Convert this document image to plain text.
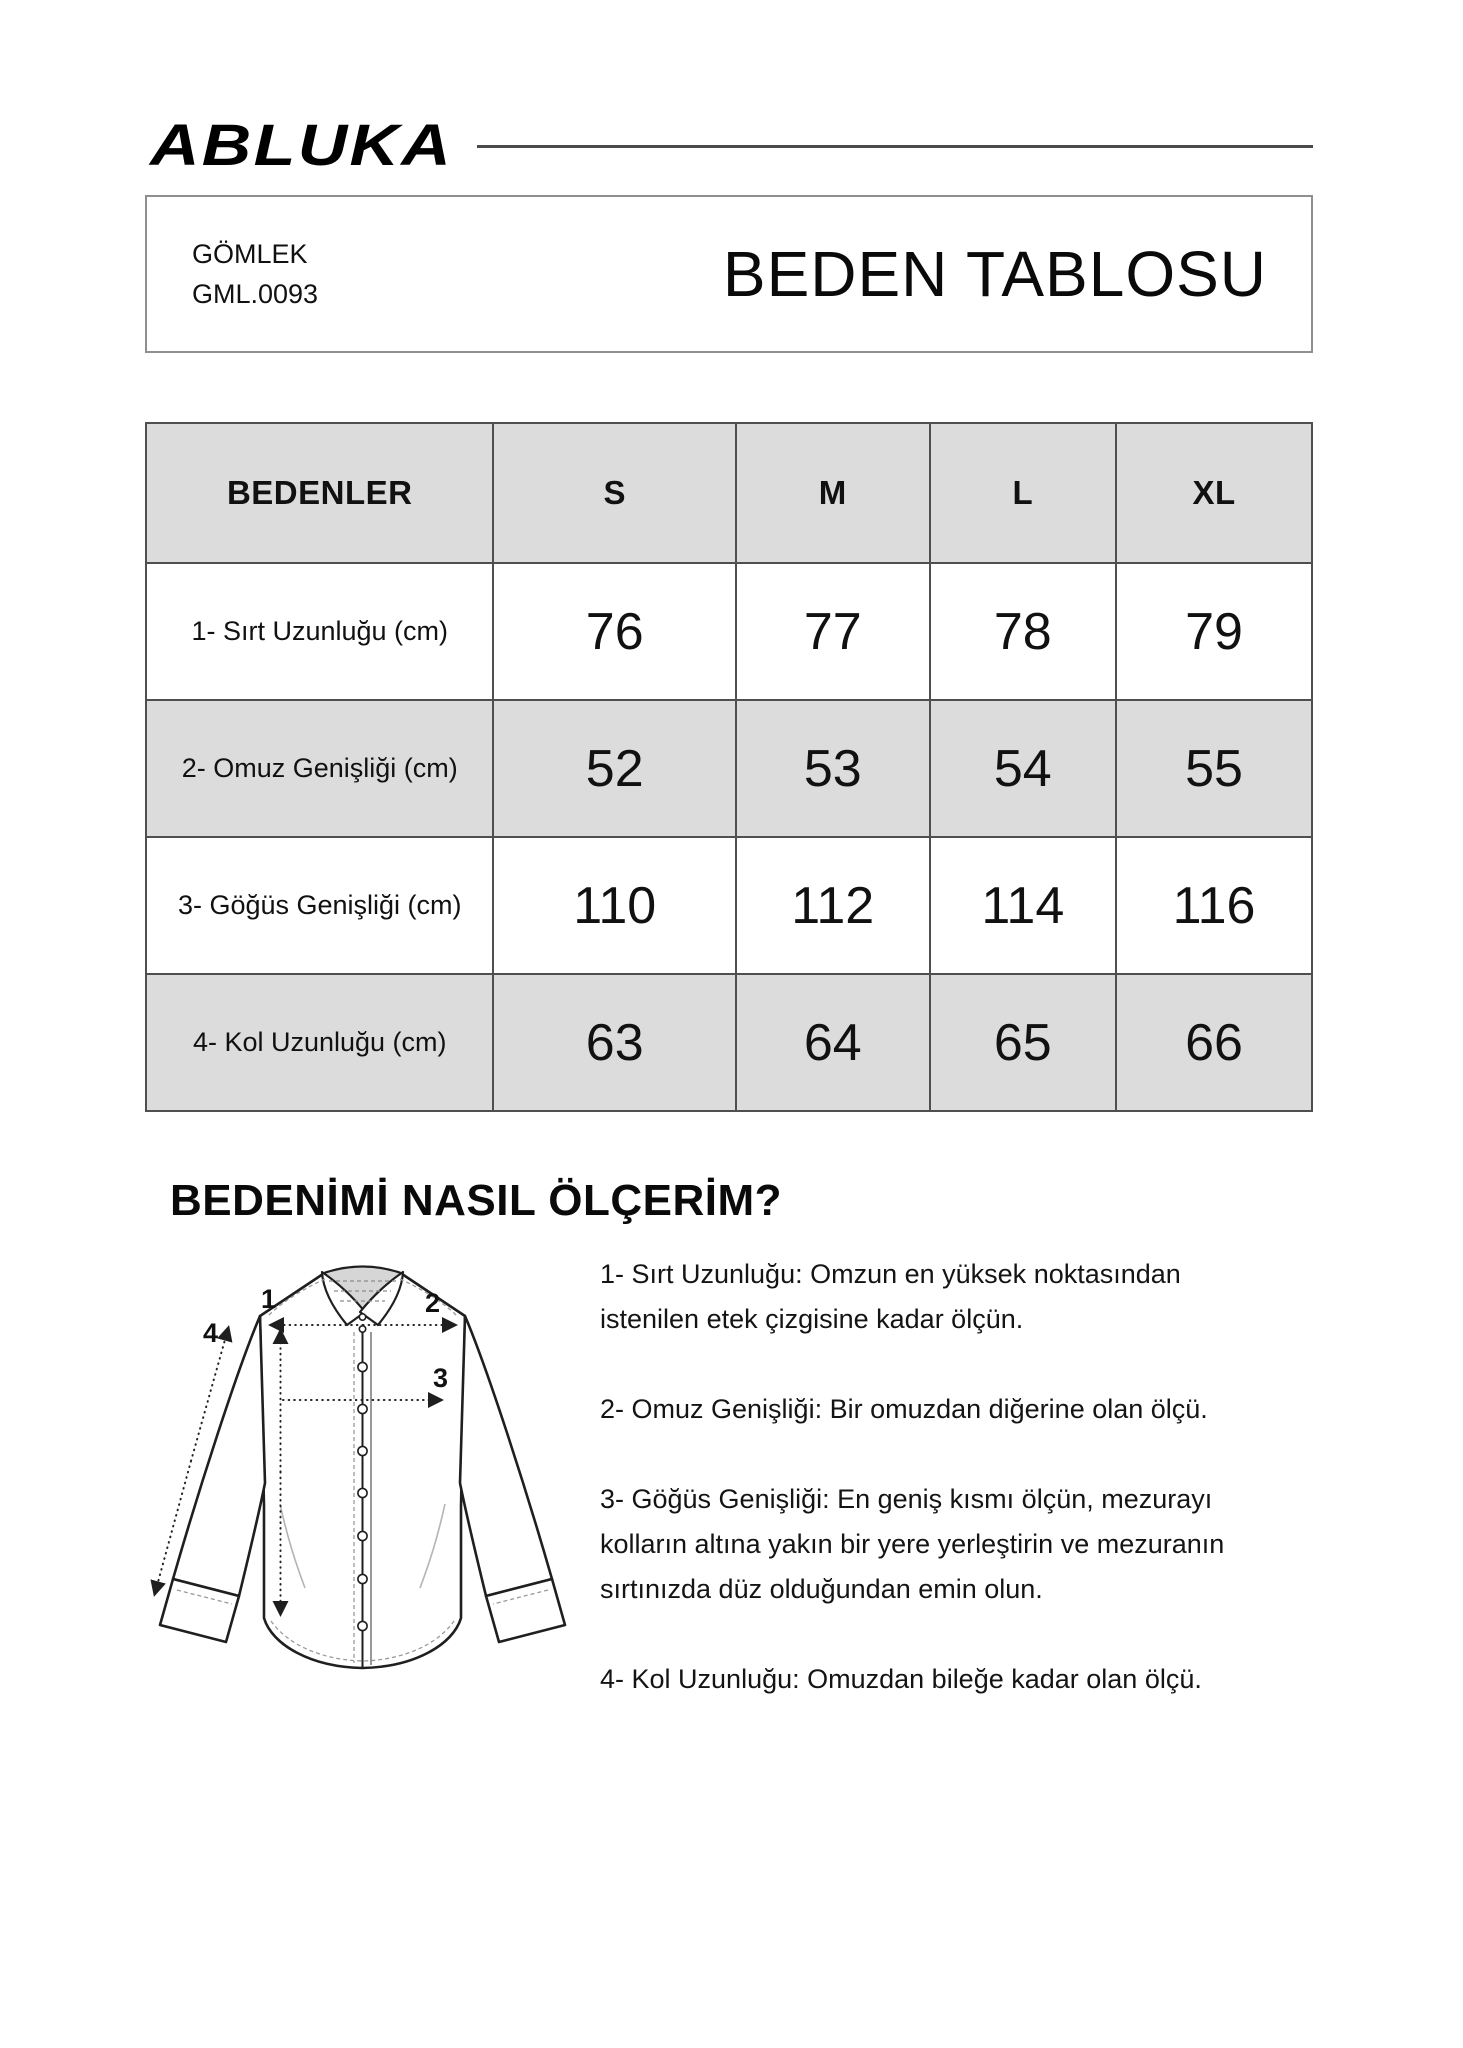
ABLUKA
GÖMLEK
GML.0093	BEDEN TABLOSU
BEDENLER	S	M	L	XL
1- Sırt Uzunluğu (cm)	76	77	78	79
2- Omuz Genişliği (cm)	52	53	54	55
3- Göğüs Genişliği (cm)	110	112	114	116
4- Kol Uzunluğu (cm)	63	64	65	66
BEDENİMİ NASIL ÖLÇERİM?
1	2
3
4

1- Sırt Uzunluğu: Omzun en yüksek noktasından
istenilen etek çizgisine kadar ölçün.

2- Omuz Genişliği: Bir omuzdan diğerine olan ölçü.

3- Göğüs Genişliği: En geniş kısmı ölçün, mezurayı
kolların altına yakın bir yere yerleştirin ve mezuranın
sırtınızda düz olduğundan emin olun.

4- Kol Uzunluğu: Omuzdan bileğe kadar olan ölçü.
